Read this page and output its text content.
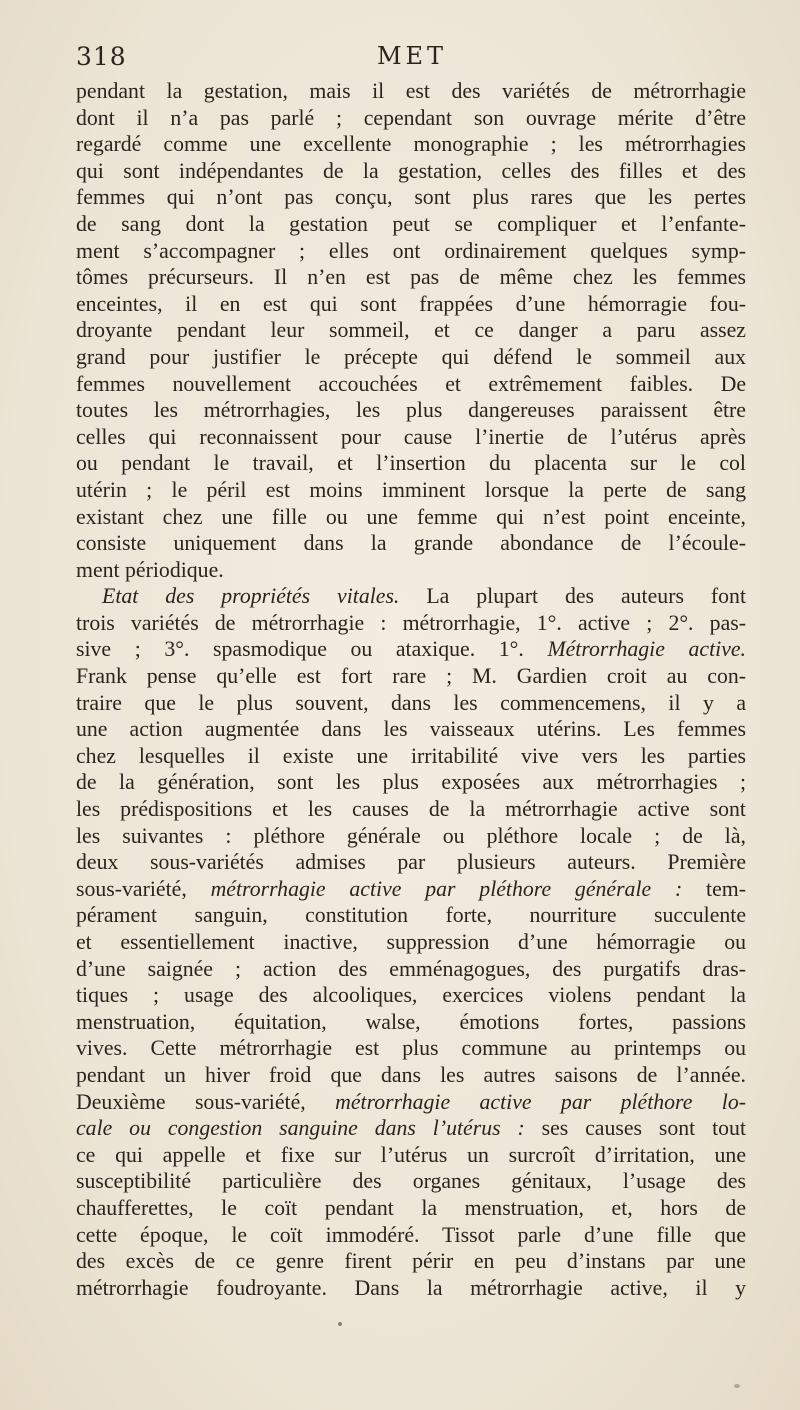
318	MET
pendant la gestation, mais il est des variétés de métrorrhagie
dont il n’a pas parlé ; cependant son ouvrage mérite d’être
regardé comme une excellente monographie ; les métrorrhagies
qui sont indépendantes de la gestation, celles des filles et des
femmes qui n’ont pas conçu, sont plus rares que les pertes
de sang dont la gestation peut se compliquer et l’enfante-
ment s’accompagner ; elles ont ordinairement quelques symp-
tômes précurseurs. Il n’en est pas de même chez les femmes
enceintes, il en est qui sont frappées d’une hémorragie fou-
droyante pendant leur sommeil, et ce danger a paru assez
grand pour justifier le précepte qui défend le sommeil aux
femmes nouvellement accouchées et extrêmement faibles. De
toutes les métrorrhagies, les plus dangereuses paraissent être
celles qui reconnaissent pour cause l’inertie de l’utérus après
ou pendant le travail, et l’insertion du placenta sur le col
utérin ; le péril est moins imminent lorsque la perte de sang
existant chez une fille ou une femme qui n’est point enceinte,
consiste uniquement dans la grande abondance de l’écoule-
ment périodique.
Etat des propriétés vitales. La plupart des auteurs font
trois variétés de métrorrhagie : métrorrhagie, 1°. active ; 2°. pas-
sive ; 3°. spasmodique ou ataxique. 1°. Métrorrhagie active.
Frank pense qu’elle est fort rare ; M. Gardien croit au con-
traire que le plus souvent, dans les commencemens, il y a
une action augmentée dans les vaisseaux utérins. Les femmes
chez lesquelles il existe une irritabilité vive vers les parties
de la génération, sont les plus exposées aux métrorrhagies ;
les prédispositions et les causes de la métrorrhagie active sont
les suivantes : pléthore générale ou pléthore locale ; de là,
deux sous-variétés admises par plusieurs auteurs. Première
sous-variété, métrorrhagie active par pléthore générale : tem-
pérament sanguin, constitution forte, nourriture succulente
et essentiellement inactive, suppression d’une hémorragie ou
d’une saignée ; action des emménagogues, des purgatifs dras-
tiques ; usage des alcooliques, exercices violens pendant la
menstruation, équitation, walse, émotions fortes, passions
vives. Cette métrorrhagie est plus commune au printemps ou
pendant un hiver froid que dans les autres saisons de l’année.
Deuxième sous-variété, métrorrhagie active par pléthore lo-
cale ou congestion sanguine dans l’utérus : ses causes sont tout
ce qui appelle et fixe sur l’utérus un surcroît d’irritation, une
susceptibilité particulière des organes génitaux, l’usage des
chaufferettes, le coït pendant la menstruation, et, hors de
cette époque, le coït immodéré. Tissot parle d’une fille que
des excès de ce genre firent périr en peu d’instans par une
métrorrhagie foudroyante. Dans la métrorrhagie active, il y
